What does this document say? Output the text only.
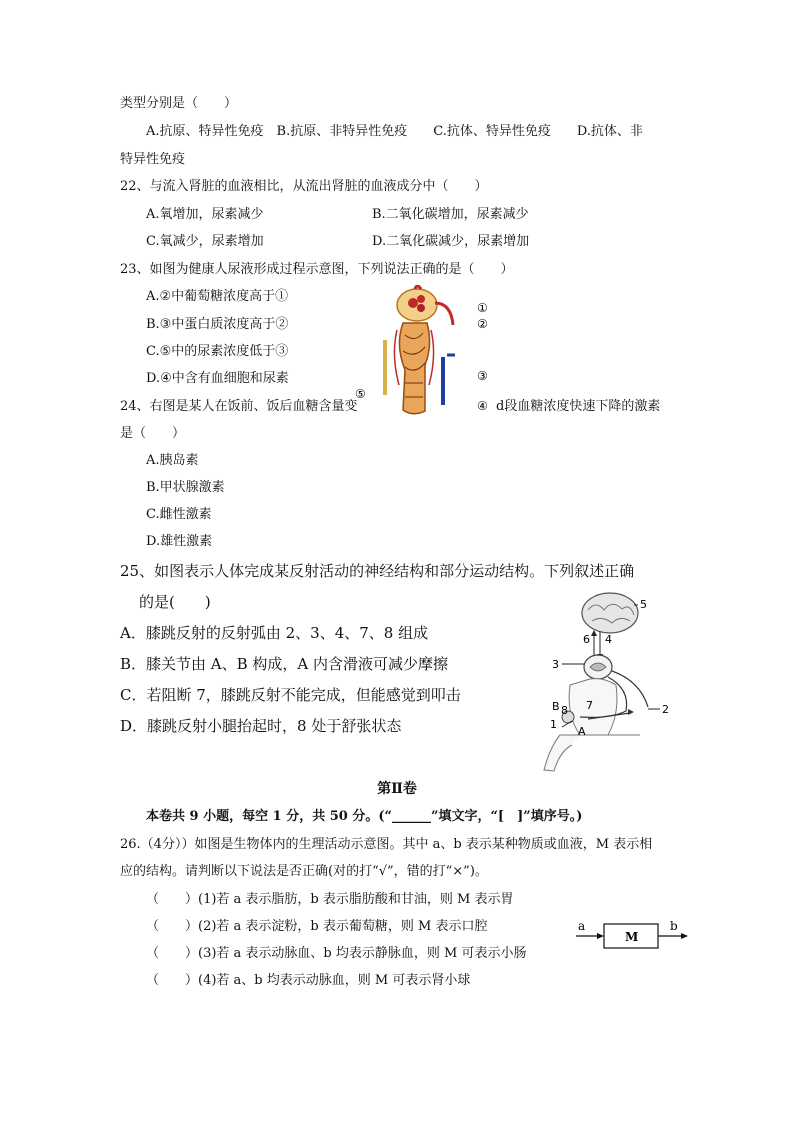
类型分别是（　　）
A.抗原、特异性免疫　B.抗原、非特异性免疫　　C.抗体、特异性免疫　　D.抗体、非
特异性免疫
22、与流入肾脏的血液相比，从流出肾脏的血液成分中（　　）
A.氧增加，尿素减少	B.二氧化碳增加，尿素减少
C.氧减少，尿素增加	D.二氧化碳减少，尿素增加
23、如图为健康人尿液形成过程示意图，下列说法正确的是（　　）
A.②中葡萄糖浓度高于①
B.③中蛋白质浓度高于②
C.⑤中的尿素浓度低于③
D.④中含有血细胞和尿素
①
②
③
④
⑤
24、右图是某人在饭前、饭后血糖含量变	d段血糖浓度快速下降的激素
是（　　）
A.胰岛素
B.甲状腺激素
C.雌性激素
D.雄性激素
25、如图表示人体完成某反射活动的神经结构和部分运动结构。下列叙述正确
的是(　　)
A．膝跳反射的反射弧由 2、3、4、7、8 组成
B．膝关节由 A、B 构成，A 内含滑液可减少摩擦
C．若阻断 7，膝跳反射不能完成，但能感觉到叩击
D．膝跳反射小腿抬起时，8 处于舒张状态
5
6 4
3
B 8 7	2
1
A
第Ⅱ卷
本卷共 9 小题，每空 1 分，共 50 分。(“______”填文字，“[　]”填序号。)
26.（4分））如图是生物体内的生理活动示意图。其中 a、b 表示某种物质或血液，M 表示相
应的结构。请判断以下说法是否正确(对的打“√”，错的打“×”)。
（　　）(1)若 a 表示脂肪，b 表示脂肪酸和甘油，则 M 表示胃
（　　）(2)若 a 表示淀粉，b 表示葡萄糖，则 M 表示口腔
（　　）(3)若 a 表示动脉血、b 均表示静脉血，则 M 可表示小肠
（　　）(4)若 a、b 均表示动脉血，则 M 可表示肾小球
a
M
b
